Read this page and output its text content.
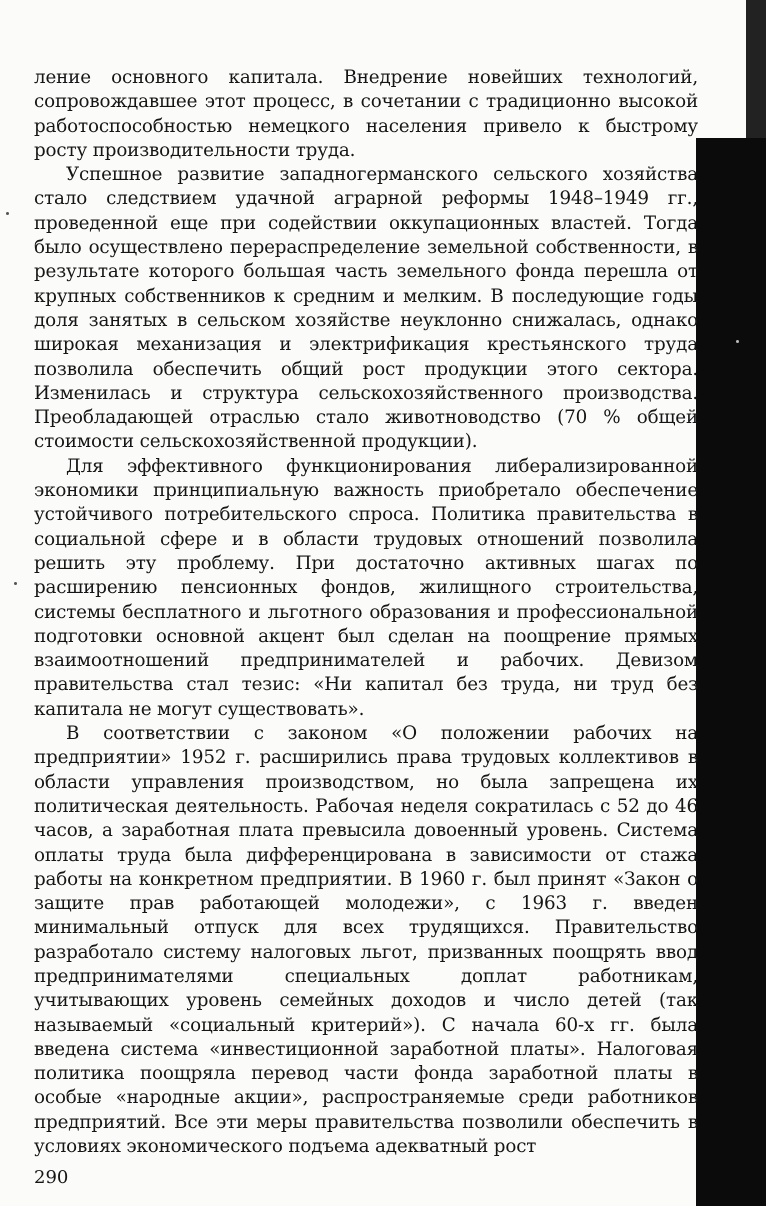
ление основного капитала. Внедрение новейших технологий, сопровождавшее этот процесс, в сочетании с традиционно высокой работоспособностью немецкого населения привело к быстрому росту производительности труда.

Успешное развитие западногерманского сельского хозяйства стало следствием удачной аграрной реформы 1948–1949 гг., проведенной еще при содействии оккупационных властей. Тогда было осуществлено перераспределение земельной собственности, в результате которого большая часть земельного фонда перешла от крупных собственников к средним и мелким. В последующие годы доля занятых в сельском хозяйстве неуклонно снижалась, однако широкая механизация и электрификация крестьянского труда позволила обеспечить общий рост продукции этого сектора. Изменилась и структура сельскохозяйственного производства. Преобладающей отраслью стало животноводство (70 % общей стоимости сельскохозяйственной продукции).

Для эффективного функционирования либерализированной экономики принципиальную важность приобретало обеспечение устойчивого потребительского спроса. Политика правительства в социальной сфере и в области трудовых отношений позволила решить эту проблему. При достаточно активных шагах по расширению пенсионных фондов, жилищного строительства, системы бесплатного и льготного образования и профессиональной подготовки основной акцент был сделан на поощрение прямых взаимоотношений предпринимателей и рабочих. Девизом правительства стал тезис: «Ни капитал без труда, ни труд без капитала не могут существовать».

В соответствии с законом «О положении рабочих на предприятии» 1952 г. расширились права трудовых коллективов в области управления производством, но была запрещена их политическая деятельность. Рабочая неделя сократилась с 52 до 46 часов, а заработная плата превысила довоенный уровень. Система оплаты труда была дифференцирована в зависимости от стажа работы на конкретном предприятии. В 1960 г. был принят «Закон о защите прав работающей молодежи», с 1963 г. введен минимальный отпуск для всех трудящихся. Правительство разработало систему налоговых льгот, призванных поощрять ввод предпринимателями специальных доплат работникам, учитывающих уровень семейных доходов и число детей (так называемый «социальный критерий»). С начала 60-х гг. была введена система «инвестиционной заработной платы». Налоговая политика поощряла перевод части фонда заработной платы в особые «народные акции», распространяемые среди работников предприятий. Все эти меры правительства позволили обеспечить в условиях экономического подъема адекватный рост

290
